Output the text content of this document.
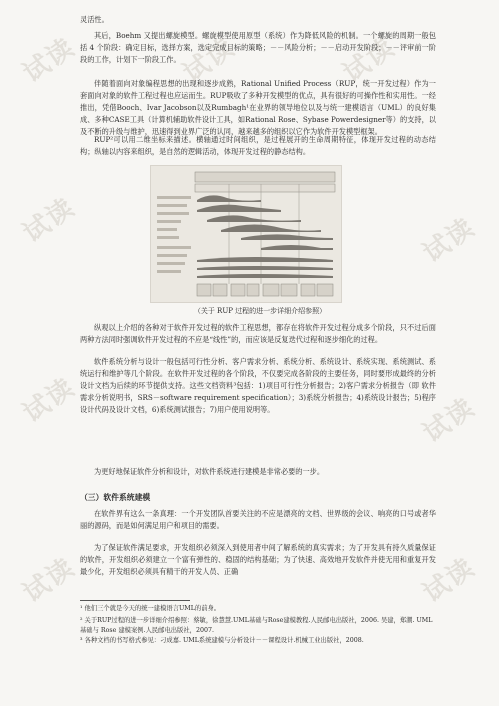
试读	试读	试读
试读	试读
试读	试读
试读	试读
灵活性。
其后，Boehm 又提出螺旋模型。螺旋模型使用原型（系统）作为降低风险的机制。一个螺旋的周期一般包括 4 个阶段：确定目标，选择方案，选定完成目标的策略；－－风险分析；－－启动开发阶段；－－评审前一阶段的工作，计划下一阶段工作。
伴随着面向对象编程思想的出现和逐步成熟，Rational Unified Process（RUP，统一开发过程）作为一套面向对象的软件工程过程也应运而生。RUP吸收了多种开发模型的优点，具有很好的可操作性和实用性。一经推出，凭借Booch、Ivar Jacobson以及Rumbagh¹在业界的领导地位以及与统一建模语言（UML）的良好集成、多种CASE工具（计算机辅助软件设计工具，如Rational Rose、Sybase Powerdesigner等）的支持，以及不断的升级与维护，迅速得到业界广泛的认同，越来越多的组织以它作为软件开发模型框架。
RUP²可以用二维坐标来描述。横轴通过时间组织，是过程展开的生命周期特征，体现开发过程的动态结构；纵轴以内容来组织，是自然的逻辑活动，体现开发过程的静态结构。
（关于 RUP 过程的进一步详细介绍参照）
纵观以上介绍的各种对于软件开发过程的软件工程思想，都存在将软件开发过程分成多个阶段，只不过后面两种方法同时强调软件开发过程的不应是“线性”的，而应该是反复迭代过程和逐步细化的过程。
软件系统分析与设计一般包括可行性分析、客户需求分析、系统分析、系统设计、系统实现、系统测试、系统运行和维护等几个阶段。在软件开发过程的各个阶段，不仅要完成各阶段的主要任务，同时要形成最终的分析设计文档为后续的环节提供支持。这些文档资料³包括：1)项目可行性分析报告；2)客户需求分析报告（即 软件需求分析说明书，SRS－software requirement specification）；3)系统分析报告；4)系统设计报告；5)程序设计代码及设计文档，6)系统测试报告；7)用户使用说明等。
为更好地保证软件分析和设计，对软件系统进行建模是非常必要的一步。
（三）软件系统建模
在软件界有这么一条真理：一个开发团队首要关注的不应是漂亮的文档、世界级的会议、响亮的口号或者华丽的源码，而是如何满足用户和项目的需要。
为了保证软件满足要求，开发组织必须深入到使用者中间了解系统的真实需求；为了开发具有持久质量保证的软件，开发组织必须建立一个富有弹性的、稳固的结构基础；为了快速、高效地开发软件并使无用和重复开发最少化，开发组织必须具有精干的开发人员、正确
¹ 他们三个就是今天的统一建模语言UML的前身。
² 关于RUP过程的进一步详细介绍参照：蔡敏，徐慧慧.UML基础与Rose建模教程.人民邮电出版社，2006. 吴建，郑潮. UML 基础与 Rose 建模案例.人民邮电出版社，2007.
³ 各种文档的书写格式参见：刁成嘉. UML系统建模与分析设计－－课程设计.机械工业出版社，2008.
